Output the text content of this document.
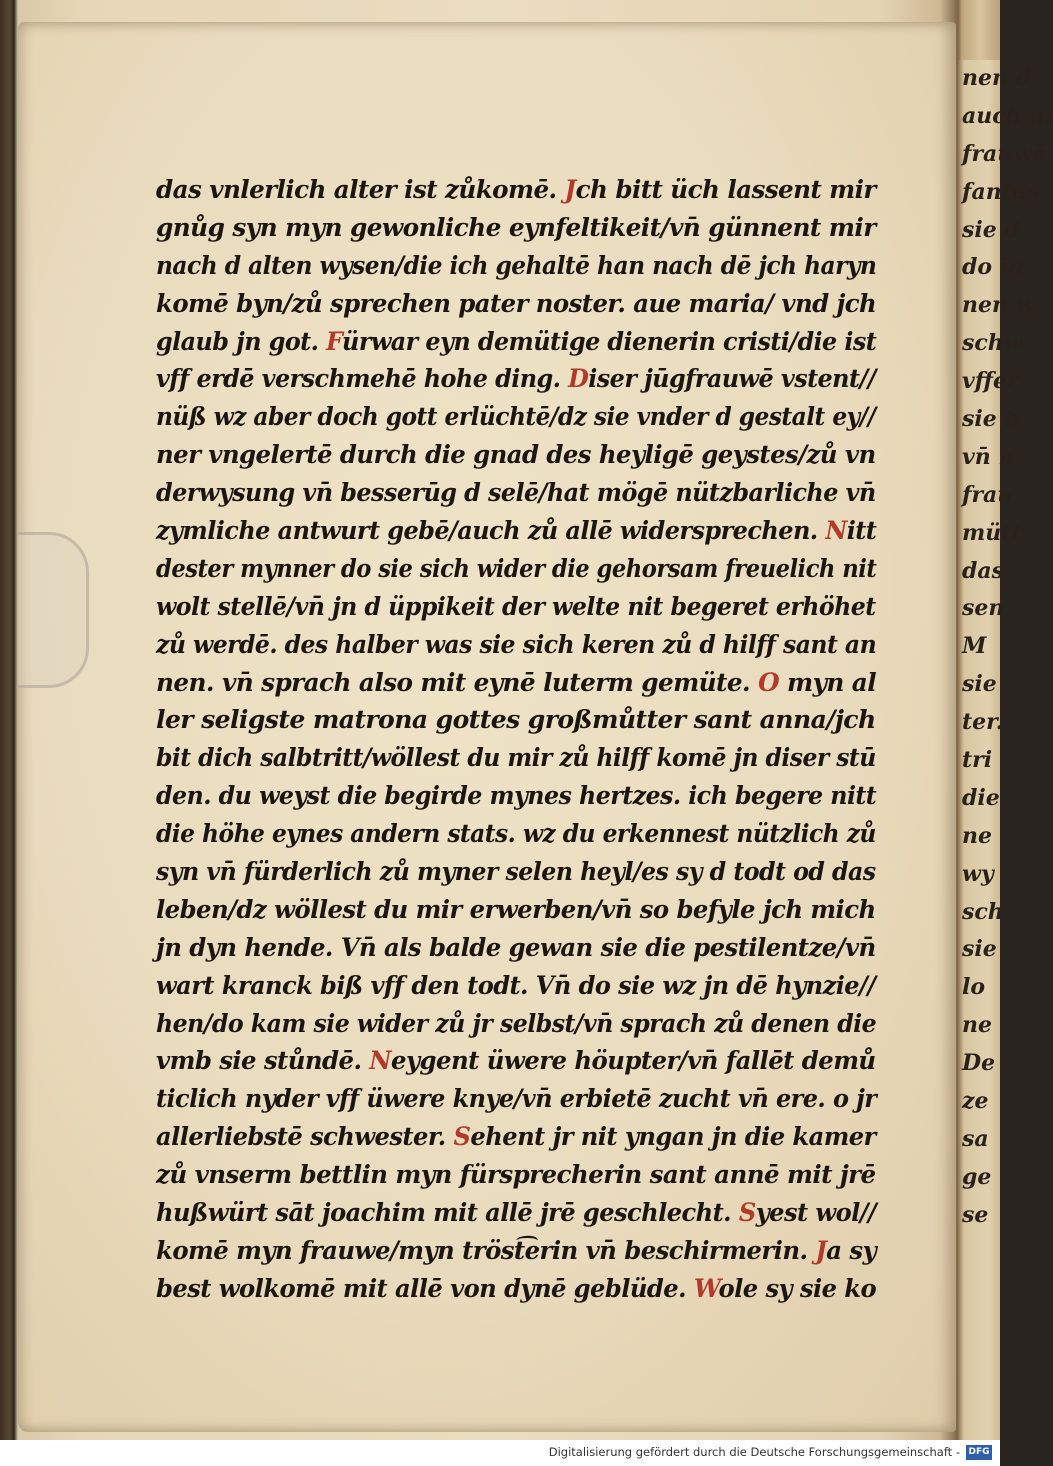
das vnlerlich alter ist zůkomē. Jch bitt üch lassent mir
gnůg syn myn gewonliche eynfeltikeit/vn̄ günnent mir
nach d alten wysen/die ich gehaltē han nach dē jch haryn
komē byn/zů sprechen pater noster. aue maria/ vnd jch
glaub jn got. Fürwar eyn demütige dienerin cristi/die ist
vff erdē verschmehē hohe ding. Diser jūgfrauwē vstent//
nüß wz aber doch gott erlüchtē/dz sie vnder d gestalt ey//
ner vngelertē durch die gnad des heyligē geystes/zů vn
derwysung vn̄ besserūg d selē/hat mögē nützbarliche vn̄
zymliche antwurt gebē/auch zů allē widersprechen. Nitt
dester mynner do sie sich wider die gehorsam freuelich nit
wolt stellē/vn̄ jn d üppikeit der welte nit begeret erhöhet
zů werdē. des halber was sie sich keren zů d hilff sant an
nen. vn̄ sprach also mit eynē luterm gemüte. O myn al
ler seligste matrona gottes großmůtter sant anna/jch
bit dich salbtritt/wöllest du mir zů hilff komē jn diser stū
den. du weyst die begirde mynes hertzes. ich begere nitt
die höhe eynes andern stats. wz du erkennest nützlich zů
syn vn̄ fürderlich zů myner selen heyl/es sy d todt od das
leben/dz wöllest du mir erwerben/vn̄ so befyle jch mich
jn dyn hende. Vn̄ als balde gewan sie die pestilentze/vn̄
wart kranck biß vff den todt. Vn̄ do sie wz jn dē hynzie//
hen/do kam sie wider zů jr selbst/vn̄ sprach zů denen die
vmb sie stůndē. Neygent üwere höupter/vn̄ fallēt demů
ticlich nyder vff üwere knye/vn̄ erbietē zucht vn̄ ere. o jr
allerliebstē schwester. Sehent jr nit yngan jn die kamer
zů vnserm bettlin myn fürsprecherin sant annē mit jrē
hußwürt sāt joachim mit allē jrē geschlecht. Syest wol//
komē myn frauwe/myn tröst͡erin vn̄ beschirmerin. Ja sy
best wolkomē mit allē von dynē geblüde. Wole sy sie ko
nen d
auch m
frauwē
fantas
sie d
do ig
nen w
schw
vffer
sie b
vn̄ n
frau
mütt
das
sen.
M
sie
ter.
tri
die
ne
wy
sch
sie
lo
ne
De
ze
sa
ge
se
Digitalisierung gefördert durch die Deutsche Forschungsgemeinschaft - DFG
